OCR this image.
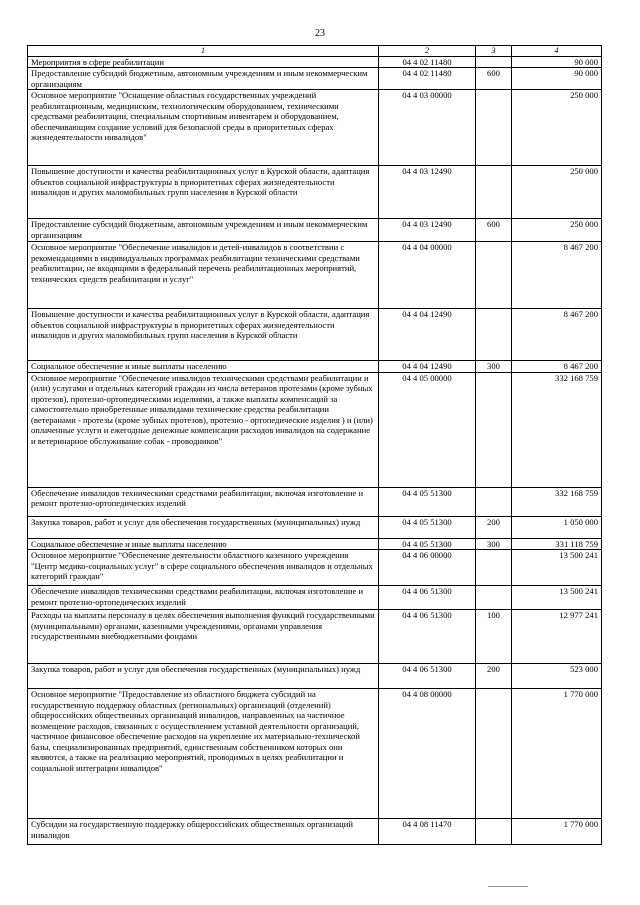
23
1	2	3	4
Мероприятия в сфере реабилитации	04 4 02 11480		90 000
Предоставление субсидий бюджетным, автономным учреждениям и иным некоммерческим организациям	04 4 02 11480	600	90 000
Основное мероприятие "Оснащение областных государственных учреждений реабилитационным, медицинским, технологическим оборудованием, техническими средствами реабилитации, специальным спортивным инвентарем и оборудованием, обеспечивающим создание условий для безопасной среды в приоритетных сферах жизнедеятельности инвалидов"	04 4 03 00000		250 000
Повышение доступности и качества реабилитационных услуг в Курской области, адаптация объектов социальной инфраструктуры в приоритетных сферах жизнедеятельности инвалидов и других маломобильных групп населения в Курской области	04 4 03 12490		250 000
Предоставление субсидий бюджетным, автономным учреждениям и иным некоммерческим организациям	04 4 03 12490	600	250 000
Основное мероприятие "Обеспечение инвалидов и детей-инвалидов в соответствии с рекомендациями в индивидуальных программах реабилитации техническими средствами реабилитации, не входящими в федеральный перечень реабилитационных мероприятий, технических средств реабилитации и услуг"	04 4 04 00000		8 467 200
Повышение доступности и качества реабилитационных услуг в Курской области, адаптация объектов социальной инфраструктуры в приоритетных сферах жизнедеятельности инвалидов и других маломобильных групп населения в Курской области	04 4 04 12490		8 467 200
Социальное обеспечение и иные выплаты населению	04 4 04 12490	300	8 467 200
Основное мероприятие "Обеспечение инвалидов техническими средствами реабилитации и (или) услугами и отдельных категорий граждан из числа ветеранов протезами (кроме зубных протезов), протезно-ортопедическими изделиями, а также выплаты компенсаций за самостоятельно приобретенные инвалидами технические средства реабилитации (ветеранами - протезы (кроме зубных протезов), протезно - ортопедические изделия ) и (или) оплаченные услуги и ежегодные денежные компенсации расходов инвалидов на содержание и ветеринарное обслуживание собак - проводников"	04 4 05 00000		332 168 759
Обеспечение инвалидов техническими средствами реабилитации, включая изготовление и ремонт протезно-ортопедических изделий	04 4 05 51300		332 168 759
Закупка товаров, работ и услуг для обеспечения государственных (муниципальных) нужд	04 4 05 51300	200	1 050 000
Социальное обеспечение и иные выплаты населению	04 4 05 51300	300	331 118 759
Основное мероприятие "Обеспечение деятельности областного казенного учреждения "Центр медико-социальных услуг" в сфере социального обеспечения инвалидов и отдельных категорий граждан"	04 4 06 00000		13 500 241
Обеспечение инвалидов техническими средствами реабилитации, включая изготовление и ремонт протезно-ортопедических изделий	04 4 06 51300		13 500 241
Расходы на выплаты персоналу в целях обеспечения выполнения функций государственными (муниципальными) органами, казенными учреждениями, органами управления государственными внебюджетными фондами	04 4 06 51300	100	12 977 241
Закупка товаров, работ и услуг для обеспечения государственных (муниципальных) нужд	04 4 06 51300	200	523 000
Основное мероприятие "Предоставление из областного бюджета субсидий на государственную поддержку областных (региональных) организаций (отделений) общероссийских общественных организаций инвалидов, направленных на частичное возмещение расходов, связанных с осуществлением уставной деятельности организаций, частичное финансовое обеспечение расходов на укрепление их материально-технической базы, специализированных предприятий, единственным собственником которых они являются, а также на реализацию мероприятий, проводимых в целях реабилитации и социальной интеграции инвалидов"	04 4 08 00000		1 770 000
Субсидии на государственную поддержку общероссийских общественных организаций инвалидов	04 4 08 11470		1 770 000
